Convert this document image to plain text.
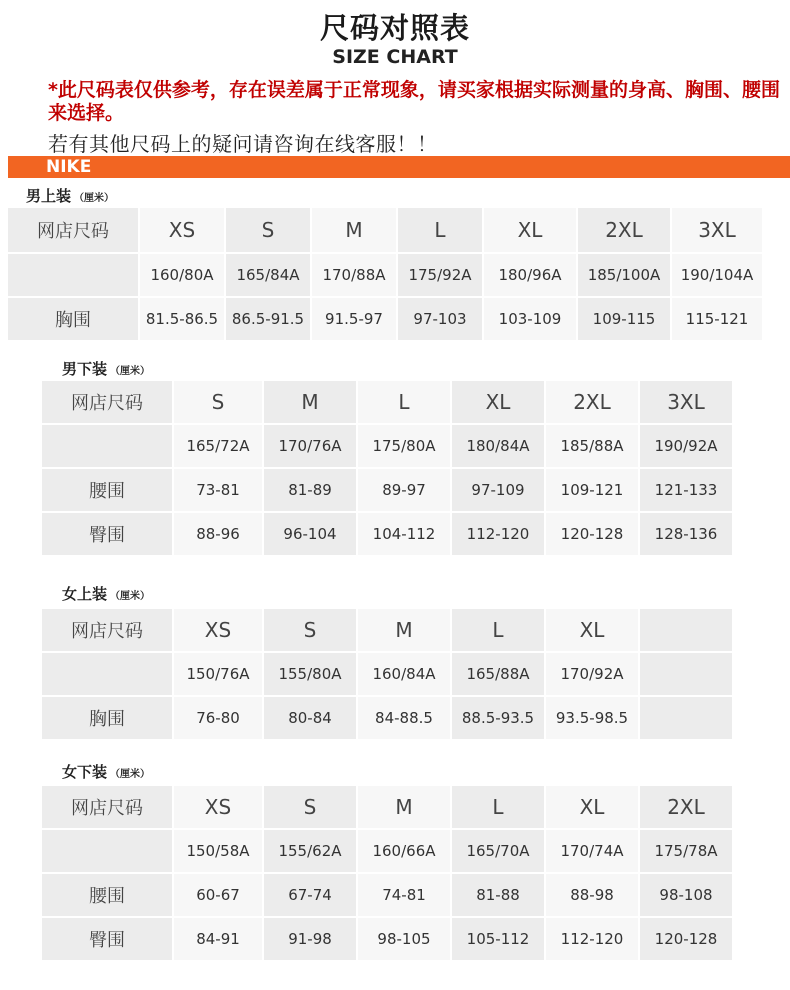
尺码对照表
SIZE CHART
*此尺码表仅供参考，存在误差属于正常现象，请买家根据实际测量的身高、胸围、腰围来选择。
若有其他尺码上的疑问请咨询在线客服！！
NIKE
男上装 （厘米）
网店尺码	XS	S	M	L	XL	2XL	3XL
	160/80A	165/84A	170/88A	175/92A	180/96A	185/100A	190/104A
胸围	81.5-86.5	86.5-91.5	91.5-97	97-103	103-109	109-115	115-121
男下装 （厘米）
网店尺码	S	M	L	XL	2XL	3XL
	165/72A	170/76A	175/80A	180/84A	185/88A	190/92A
腰围	73-81	81-89	89-97	97-109	109-121	121-133
臀围	88-96	96-104	104-112	112-120	120-128	128-136
女上装 （厘米）
网店尺码	XS	S	M	L	XL	
	150/76A	155/80A	160/84A	165/88A	170/92A	
胸围	76-80	80-84	84-88.5	88.5-93.5	93.5-98.5	
女下装 （厘米）
网店尺码	XS	S	M	L	XL	2XL
	150/58A	155/62A	160/66A	165/70A	170/74A	175/78A
腰围	60-67	67-74	74-81	81-88	88-98	98-108
臀围	84-91	91-98	98-105	105-112	112-120	120-128
